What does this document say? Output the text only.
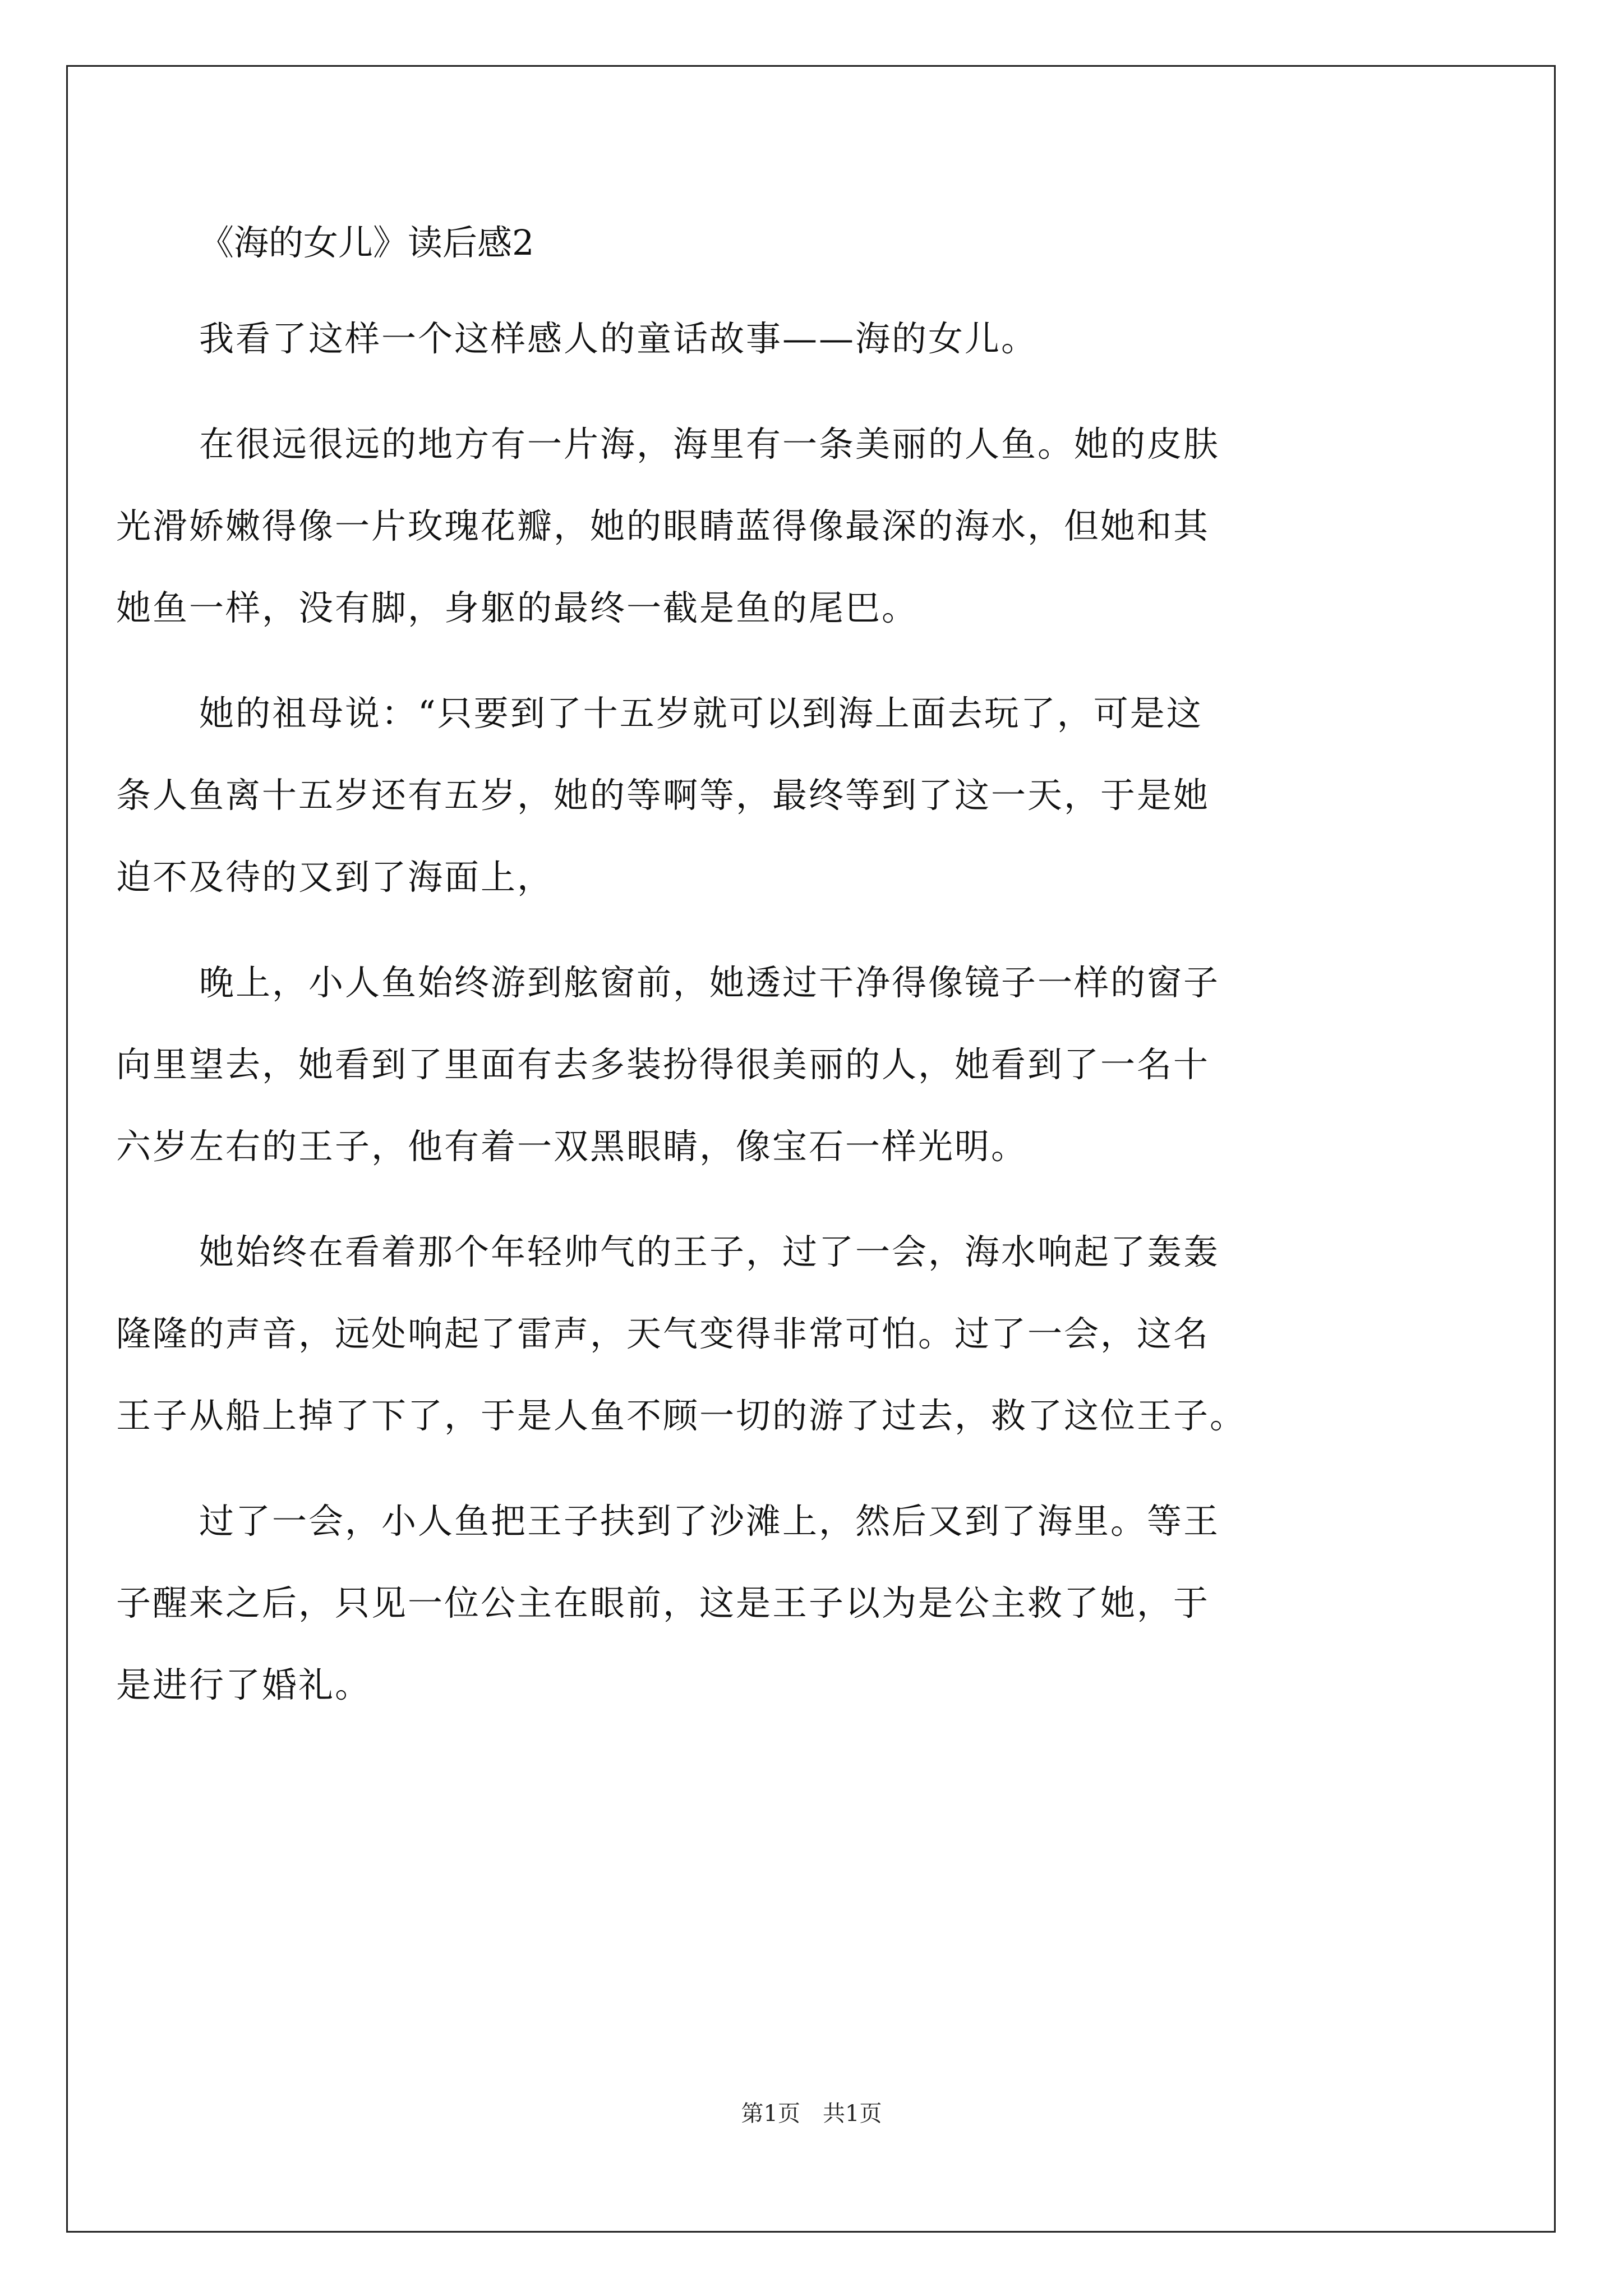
《海的女儿》读后感2
我看了这样一个这样感人的童话故事——海的女儿。
在很远很远的地方有一片海，海里有一条美丽的人鱼。她的皮肤
光滑娇嫩得像一片玫瑰花瓣，她的眼睛蓝得像最深的海水，但她和其
她鱼一样，没有脚，身躯的最终一截是鱼的尾巴。
她的祖母说：“只要到了十五岁就可以到海上面去玩了，可是这
条人鱼离十五岁还有五岁，她的等啊等，最终等到了这一天，于是她
迫不及待的又到了海面上，
晚上，小人鱼始终游到舷窗前，她透过干净得像镜子一样的窗子
向里望去，她看到了里面有去多装扮得很美丽的人，她看到了一名十
六岁左右的王子，他有着一双黑眼睛，像宝石一样光明。
她始终在看着那个年轻帅气的王子，过了一会，海水响起了轰轰
隆隆的声音，远处响起了雷声，天气变得非常可怕。过了一会，这名
王子从船上掉了下了，于是人鱼不顾一切的游了过去，救了这位王子。
过了一会，小人鱼把王子扶到了沙滩上，然后又到了海里。等王
子醒来之后，只见一位公主在眼前，这是王子以为是公主救了她，于
是进行了婚礼。
第1页　共1页
